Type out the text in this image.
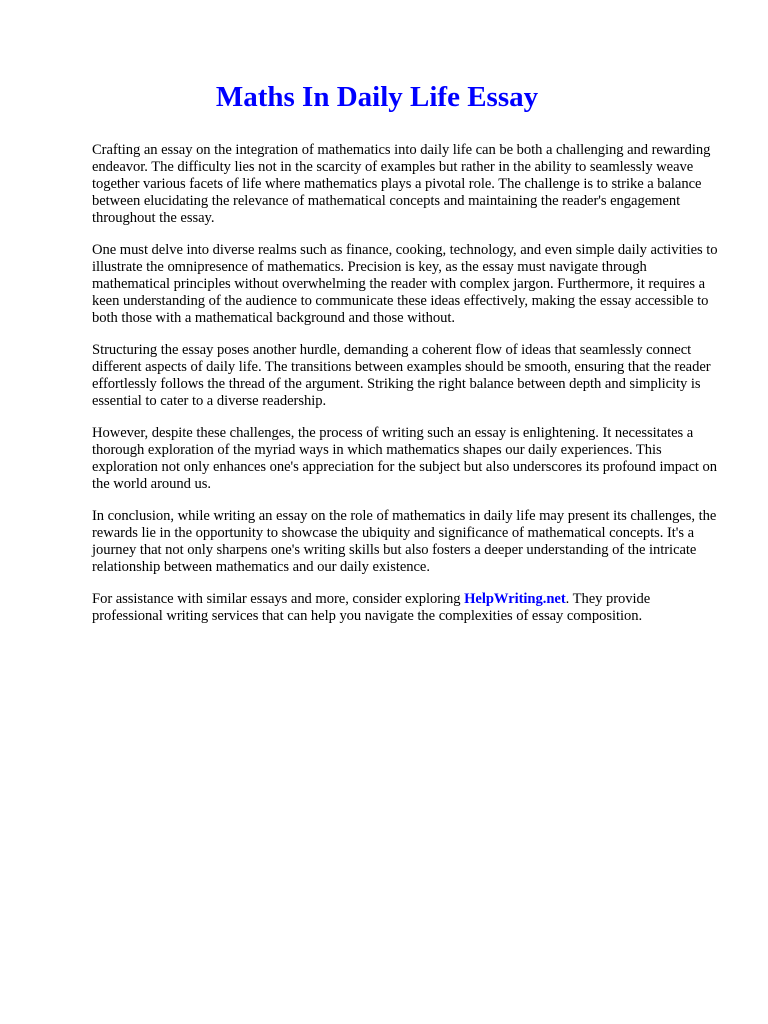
Maths In Daily Life Essay

Crafting an essay on the integration of mathematics into daily life can be both a challenging and rewarding endeavor. The difficulty lies not in the scarcity of examples but rather in the ability to seamlessly weave together various facets of life where mathematics plays a pivotal role. The challenge is to strike a balance between elucidating the relevance of mathematical concepts and maintaining the reader's engagement throughout the essay.

One must delve into diverse realms such as finance, cooking, technology, and even simple daily activities to illustrate the omnipresence of mathematics. Precision is key, as the essay must navigate through mathematical principles without overwhelming the reader with complex jargon. Furthermore, it requires a keen understanding of the audience to communicate these ideas effectively, making the essay accessible to both those with a mathematical background and those without.

Structuring the essay poses another hurdle, demanding a coherent flow of ideas that seamlessly connect different aspects of daily life. The transitions between examples should be smooth, ensuring that the reader effortlessly follows the thread of the argument. Striking the right balance between depth and simplicity is essential to cater to a diverse readership.

However, despite these challenges, the process of writing such an essay is enlightening. It necessitates a thorough exploration of the myriad ways in which mathematics shapes our daily experiences. This exploration not only enhances one's appreciation for the subject but also underscores its profound impact on the world around us.

In conclusion, while writing an essay on the role of mathematics in daily life may present its challenges, the rewards lie in the opportunity to showcase the ubiquity and significance of mathematical concepts. It's a journey that not only sharpens one's writing skills but also fosters a deeper understanding of the intricate relationship between mathematics and our daily existence.

For assistance with similar essays and more, consider exploring HelpWriting.net. They provide professional writing services that can help you navigate the complexities of essay composition.
